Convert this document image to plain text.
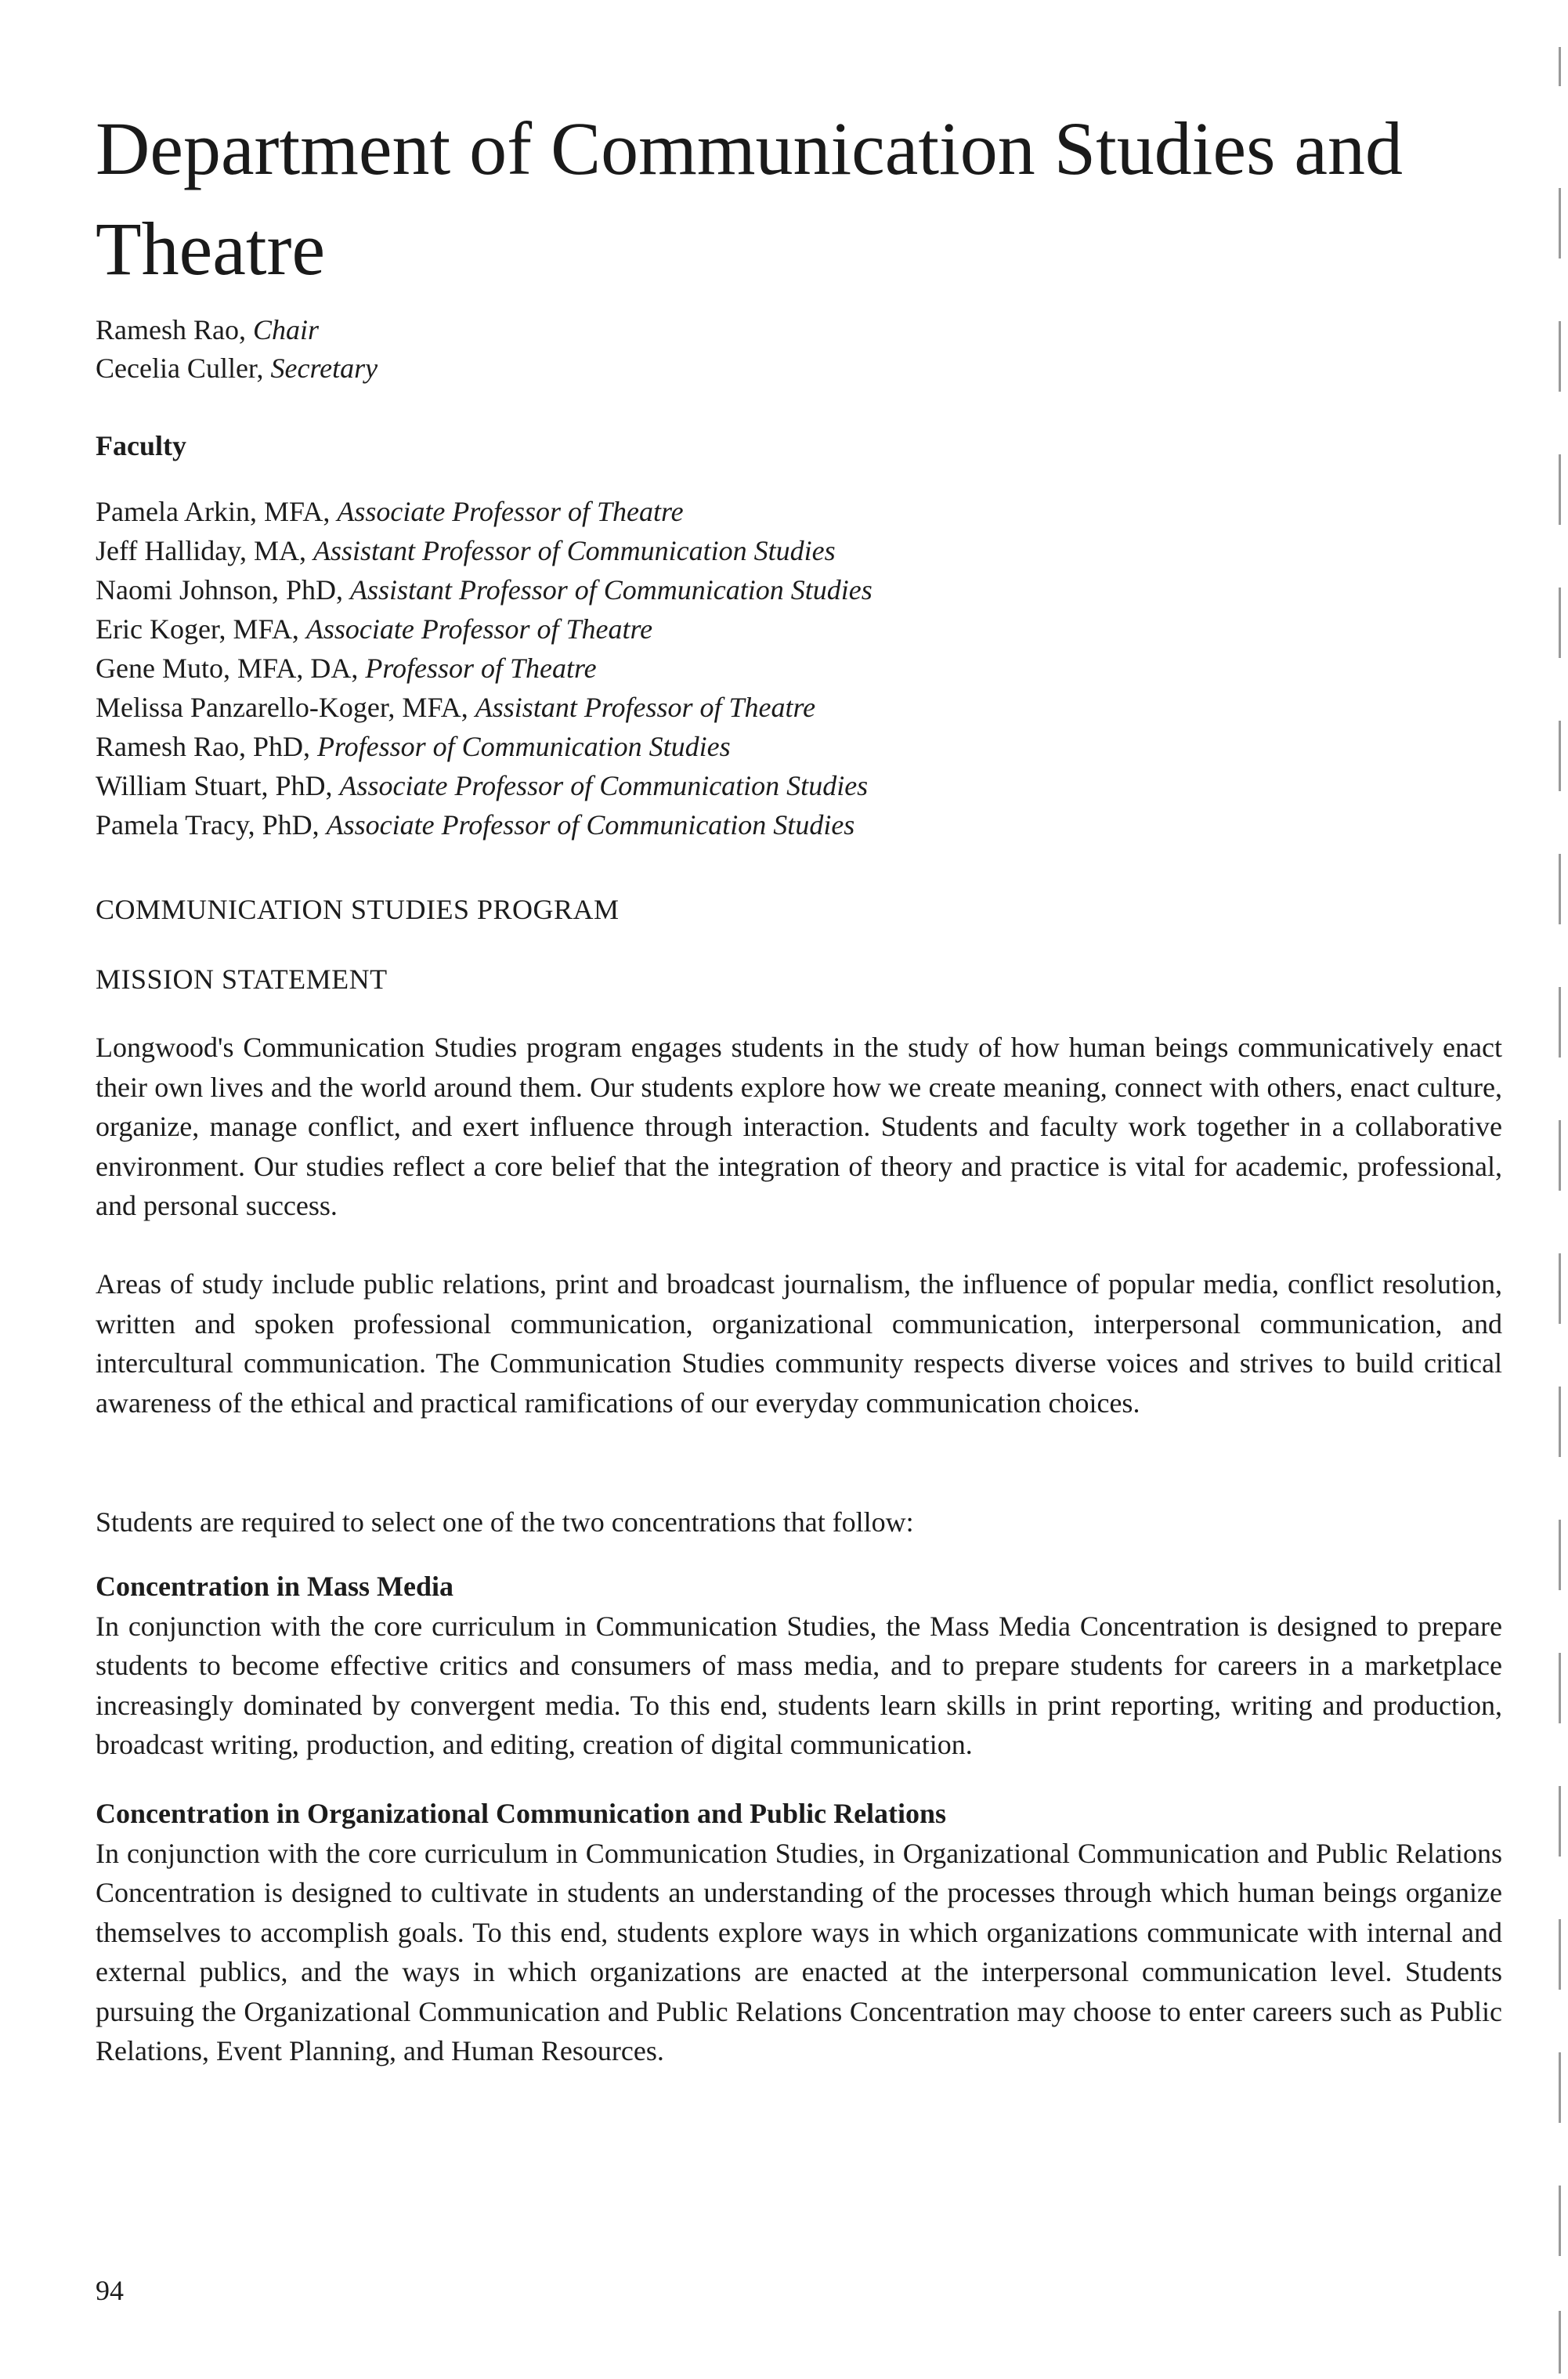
Department of Communication Studies and Theatre
Ramesh Rao, Chair
Cecelia Culler, Secretary
Faculty
Pamela Arkin, MFA, Associate Professor of Theatre
Jeff Halliday, MA, Assistant Professor of Communication Studies
Naomi Johnson, PhD, Assistant Professor of Communication Studies
Eric Koger, MFA, Associate Professor of Theatre
Gene Muto, MFA, DA, Professor of Theatre
Melissa Panzarello-Koger, MFA, Assistant Professor of Theatre
Ramesh Rao, PhD, Professor of Communication Studies
William Stuart, PhD, Associate Professor of Communication Studies
Pamela Tracy, PhD, Associate Professor of Communication Studies
COMMUNICATION STUDIES PROGRAM
MISSION STATEMENT

Longwood's Communication Studies program engages students in the study of how human beings communicatively enact their own lives and the world around them. Our students explore how we create meaning, connect with others, enact culture, organize, manage conflict, and exert influence through interaction. Students and faculty work together in a collaborative environment. Our studies reflect a core belief that the integration of theory and practice is vital for academic, professional, and personal success.

Areas of study include public relations, print and broadcast journalism, the influence of popular media, conflict resolution, written and spoken professional communication, organizational communication, interpersonal communication, and intercultural communication. The Communication Studies community respects diverse voices and strives to build critical awareness of the ethical and practical ramifications of our everyday communication choices.

Students are required to select one of the two concentrations that follow:

Concentration in Mass Media
In conjunction with the core curriculum in Communication Studies, the Mass Media Concentration is designed to prepare students to become effective critics and consumers of mass media, and to prepare students for careers in a marketplace increasingly dominated by convergent media. To this end, students learn skills in print reporting, writing and production, broadcast writing, production, and editing, creation of digital communication.
Concentration in Organizational Communication and Public Relations
In conjunction with the core curriculum in Communication Studies, in Organizational Communication and Public Relations Concentration is designed to cultivate in students an understanding of the processes through which human beings organize themselves to accomplish goals. To this end, students explore ways in which organizations communicate with internal and external publics, and the ways in which organizations are enacted at the interpersonal communication level. Students pursuing the Organizational Communication and Public Relations Concentration may choose to enter careers such as Public Relations, Event Planning, and Human Resources.
94
